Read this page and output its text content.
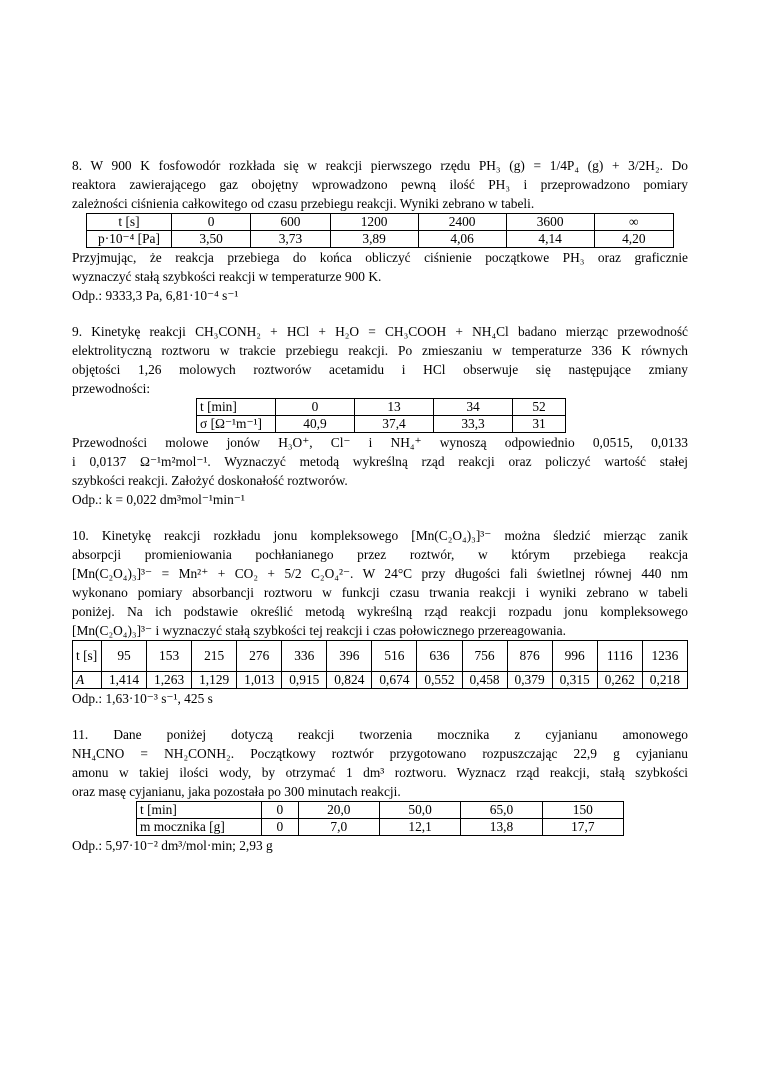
8. W 900 K fosfowodór rozkłada się w reakcji pierwszego rzędu PH₃ (g) = 1/4P₄ (g) + 3/2H₂. Do
reaktora zawierającego gaz obojętny wprowadzono pewną ilość PH₃ i przeprowadzono pomiary
zależności ciśnienia całkowitego od czasu przebiegu reakcji. Wyniki zebrano w tabeli.
t [s]	0	600	1200	2400	3600	∞
p·10⁻⁴ [Pa]	3,50	3,73	3,89	4,06	4,14	4,20
Przyjmując, że reakcja przebiega do końca obliczyć ciśnienie początkowe PH₃ oraz graficznie
wyznaczyć stałą szybkości reakcji w temperaturze 900 K.
Odp.: 9333,3 Pa, 6,81·10⁻⁴ s⁻¹
9. Kinetykę reakcji CH₃CONH₂ + HCl + H₂O = CH₃COOH + NH₄Cl badano mierząc przewodność
elektrolityczną roztworu w trakcie przebiegu reakcji. Po zmieszaniu w temperaturze 336 K równych
objętości 1,26 molowych roztworów acetamidu i HCl obserwuje się następujące zmiany
przewodności:
t [min]	0	13	34	52
σ [Ω⁻¹m⁻¹]	40,9	37,4	33,3	31
Przewodności molowe jonów H₃O⁺, Cl⁻ i NH₄⁺ wynoszą odpowiednio 0,0515, 0,0133
i 0,0137 Ω⁻¹m²mol⁻¹. Wyznaczyć metodą wykreślną rząd reakcji oraz policzyć wartość stałej
szybkości reakcji. Założyć doskonałość roztworów.
Odp.: k = 0,022 dm³mol⁻¹min⁻¹
10. Kinetykę reakcji rozkładu jonu kompleksowego [Mn(C₂O₄)₃]³⁻ można śledzić mierząc zanik
absorpcji promieniowania pochłanianego przez roztwór, w którym przebiega reakcja
[Mn(C₂O₄)₃]³⁻ = Mn²⁺ + CO₂ + 5/2 C₂O₄²⁻. W 24°C przy długości fali świetlnej równej 440 nm
wykonano pomiary absorbancji roztworu w funkcji czasu trwania reakcji i wyniki zebrano w tabeli
poniżej. Na ich podstawie określić metodą wykreślną rząd reakcji rozpadu jonu kompleksowego
[Mn(C₂O₄)₃]³⁻ i wyznaczyć stałą szybkości tej reakcji i czas połowicznego przereagowania.
t [s]	95	153	215	276	336	396	516	636	756	876	996	1116	1236
A	1,414	1,263	1,129	1,013	0,915	0,824	0,674	0,552	0,458	0,379	0,315	0,262	0,218
Odp.: 1,63·10⁻³ s⁻¹, 425 s
11. Dane poniżej dotyczą reakcji tworzenia mocznika z cyjanianu amonowego
NH₄CNO = NH₂CONH₂. Początkowy roztwór przygotowano rozpuszczając 22,9 g cyjanianu
amonu w takiej ilości wody, by otrzymać 1 dm³ roztworu. Wyznacz rząd reakcji, stałą szybkości
oraz masę cyjanianu, jaka pozostała po 300 minutach reakcji.
t [min]	0	20,0	50,0	65,0	150
m mocznika [g]	0	7,0	12,1	13,8	17,7
Odp.: 5,97·10⁻² dm³/mol·min; 2,93 g
